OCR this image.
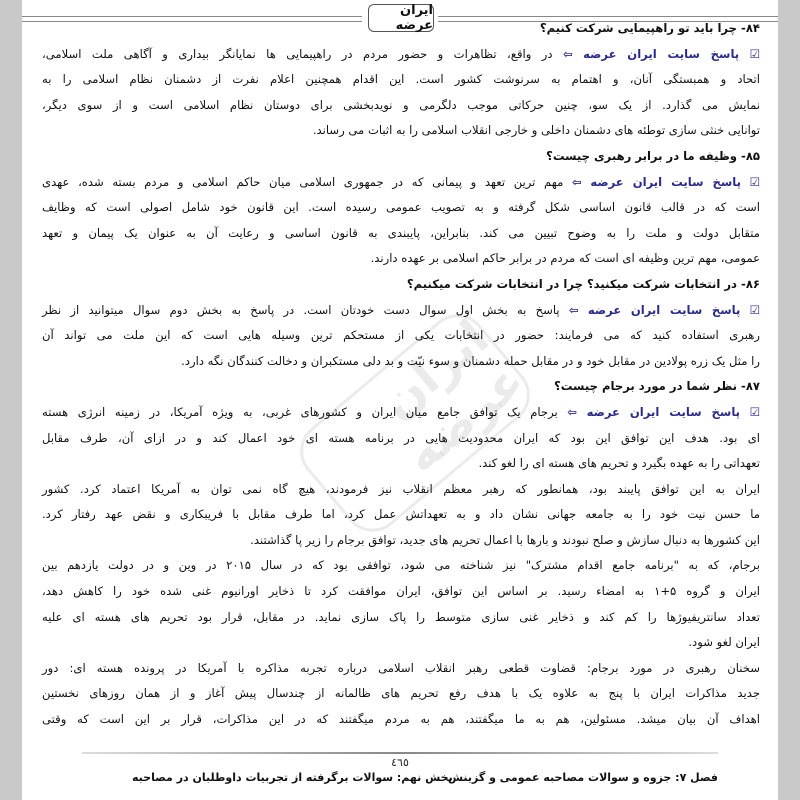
ایران عرضه
ایران عرضه
۸۴- چرا باید تو راهپیمایی شرکت کنیم؟
☑ پاسخ سایت ایران عرضه ⇦ در واقع، تظاهرات و حضور مردم در راهپیمایی ها نمایانگر بیداری و آگاهی ملت اسلامی،
اتحاد و همبستگی آنان، و اهتمام به سرنوشت کشور است. این اقدام همچنین اعلام نفرت از دشمنان نظام اسلامی را به
نمایش می گذارد. از یک سو، چنین حرکاتی موجب دلگرمی و نویدبخشی برای دوستان نظام اسلامی است و از سوی دیگر،
توانایی خنثی سازی توطئه های دشمنان داخلی و خارجی انقلاب اسلامی را به اثبات می رساند.
۸۵- وظیفه ما در برابر رهبری چیست؟
☑ پاسخ سایت ایران عرضه ⇦ مهم ترین تعهد و پیمانی که در جمهوری اسلامی میان حاکم اسلامی و مردم بسته شده، عهدی
است که در قالب قانون اساسی شکل گرفته و به تصویب عمومی رسیده است. این قانون خود شامل اصولی است که وظایف
متقابل دولت و ملت را به وضوح تبیین می کند. بنابراین، پایبندی به قانون اساسی و رعایت آن به عنوان یک پیمان و تعهد
عمومی، مهم ترین وظیفه ای است که مردم در برابر حاکم اسلامی بر عهده دارند.
۸۶- در انتخابات شرکت میکنید؟ چرا در انتخابات شرکت میکنیم؟
☑ پاسخ سایت ایران عرضه ⇦ پاسخ به بخش اول سوال دست خودتان است. در پاسخ به بخش دوم سوال میتوانید از نظر
رهبری استفاده کنید که می فرمایند: حضور در انتخابات یکی از مستحکم ترین وسیله هایی است که این ملت می تواند آن
را مثل یک زره پولادین در مقابل خود و در مقابل حمله دشمنان و سوء نیّت و بد دلی مستکبران و دخالت کنندگان نگه دارد.
۸۷- نظر شما در مورد برجام چیست؟
☑ پاسخ سایت ایران عرضه ⇦ برجام یک توافق جامع میان ایران و کشورهای غربی، به ویژه آمریکا، در زمینه انرژی هسته
ای بود. هدف این توافق این بود که ایران محدودیت هایی در برنامه هسته ای خود اعمال کند و در ازای آن، طرف مقابل
تعهداتی را به عهده بگیرد و تحریم های هسته ای را لغو کند.
ایران به این توافق پایبند بود، همانطور که رهبر معظم انقلاب نیز فرمودند، هیچ گاه نمی توان به آمریکا اعتماد کرد. کشور
ما حسن نیت خود را به جامعه جهانی نشان داد و به تعهداتش عمل کرد، اما طرف مقابل با فریبکاری و نقض عهد رفتار کرد.
این کشورها به دنبال سازش و صلح نبودند و بارها با اعمال تحریم های جدید، توافق برجام را زیر پا گذاشتند.
برجام، که به "برنامه جامع اقدام مشترک" نیز شناخته می شود، توافقی بود که در سال ۲۰۱۵ در وین و در دولت یازدهم بین
ایران و گروه ۵+۱ به امضاء رسید. بر اساس این توافق، ایران موافقت کرد تا ذخایر اورانیوم غنی شده خود را کاهش دهد،
تعداد سانتریفیوژها را کم کند و ذخایر غنی سازی متوسط را پاک سازی نماید. در مقابل، قرار بود تحریم های هسته ای علیه
ایران لغو شود.
سخنان رهبری در مورد برجام: قضاوت قطعی رهبر انقلاب اسلامی درباره تجربه مذاکره با آمریکا در پرونده هسته ای: دور
جدید مذاکرات ایران با پنج به علاوه یک با هدف رفع تحریم های ظالمانه از چندسال پیش آغاز و از همان روزهای نخستین
اهداف آن بیان میشد. مسئولین، هم به ما میگفتند، هم به مردم میگفتند که در این مذاکرات، قرار بر این است که وقتی
٤٦٥
فصل ۷: جزوه و سوالات مصاحبه عمومی و گزینش
بخش نهم: سوالات برگرفته از تجربیات داوطلبان در مصاحبه
